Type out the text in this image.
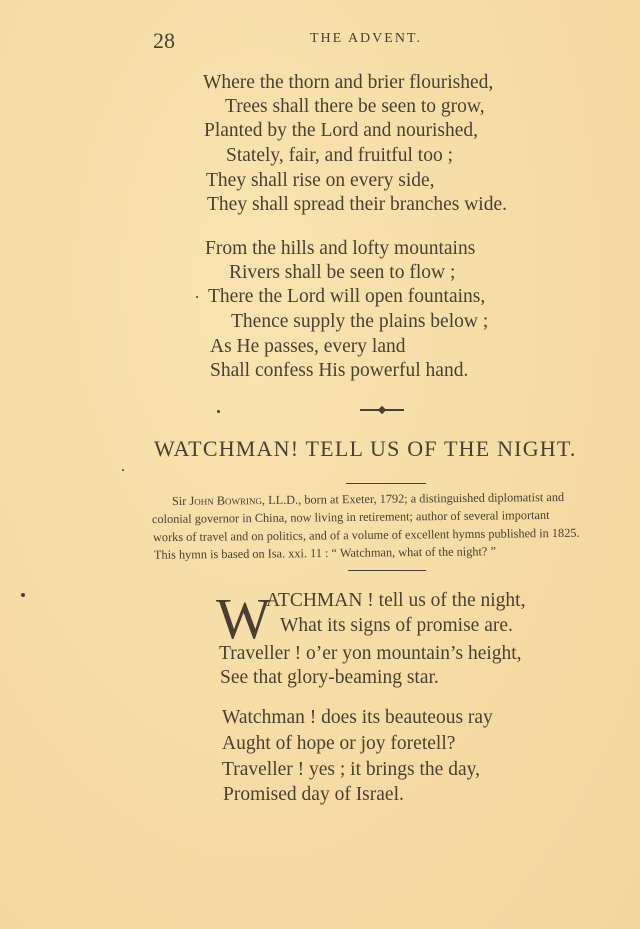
28	THE ADVENT.
Where the thorn and brier flourished,
Trees shall there be seen to grow,
Planted by the Lord and nourished,
Stately, fair, and fruitful too ;
They shall rise on every side,
They shall spread their branches wide.
From the hills and lofty mountains
Rivers shall be seen to flow ;
There the Lord will open fountains,
Thence supply the plains below ;
As He passes, every land
Shall confess His powerful hand.
WATCHMAN! TELL US OF THE NIGHT.
Sir John Bowring, LL.D., born at Exeter, 1792; a distinguished diplomatist and
colonial governor in China, now living in retirement; author of several important
works of travel and on politics, and of a volume of excellent hymns published in 1825.
This hymn is based on Isa. xxi. 11 : “ Watchman, what of the night? ”
W
ATCHMAN ! tell us of the night,
What its signs of promise are.
Traveller ! o’er yon mountain’s height,
See that glory-beaming star.
Watchman ! does its beauteous ray
Aught of hope or joy foretell?
Traveller ! yes ; it brings the day,
Promised day of Israel.
